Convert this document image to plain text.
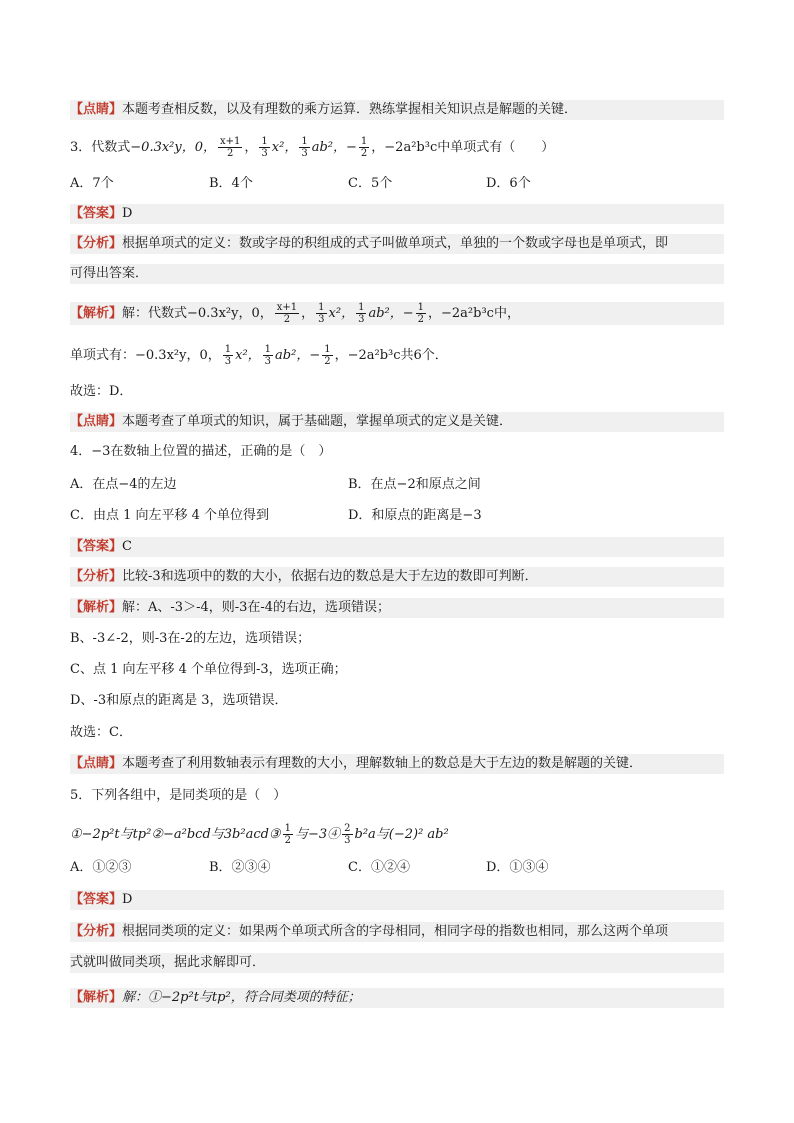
【点睛】本题考查相反数，以及有理数的乘方运算．熟练掌握相关知识点是解题的关键．
3．代数式−0.3x²y，0， $\frac{x+1}{2}$ ， $\frac{1}{3} x^2$， $\frac{1}{3} ab^2$，− $\frac{1}{2}$ ，−2a²b³c中单项式有（　　）
A．7个	B．4个	C．5个	D．6个
【答案】D
【分析】根据单项式的定义：数或字母的积组成的式子叫做单项式，单独的一个数或字母也是单项式，即
可得出答案．
【解析】解：代数式−0.3x²y，0， $\frac{x+1}{2}$ ， $\frac{1}{3} x^2$， $\frac{1}{3} ab^2$，− $\frac{1}{2}$ ，−2a²b³c中，
单项式有：−0.3x²y，0， $\frac{1}{3} x^2$， $\frac{1}{3} ab^2$，− $\frac{1}{2}$ ，−2a²b³c共6个．
故选：D．
【点睛】本题考查了单项式的知识，属于基础题，掌握单项式的定义是关键．
4．−3在数轴上位置的描述，正确的是（　）
A．在点−4的左边	B．在点−2和原点之间
C．由点 1 向左平移 4 个单位得到	D．和原点的距离是−3
【答案】C
【分析】比较-3和选项中的数的大小，依据右边的数总是大于左边的数即可判断．
【解析】解：A、-3＞-4，则-3在-4的右边，选项错误；
B、-3∠-2，则-3在-2的左边，选项错误；
C、点 1 向左平移 4 个单位得到-3，选项正确；
D、-3和原点的距离是 3，选项错误．
故选：C．
【点睛】本题考查了利用数轴表示有理数的大小，理解数轴上的数总是大于左边的数是解题的关键．
5．下列各组中，是同类项的是（　）
①−2p²t与tp²②−a²bcd与3b²acd③ $\frac{1}{2}$ 与−3④ $\frac{2}{3} b^2a$与(−2)² ab²
A．①②③	B．②③④	C．①②④	D．①③④
【答案】D
【分析】根据同类项的定义：如果两个单项式所含的字母相同，相同字母的指数也相同，那么这两个单项
式就叫做同类项，据此求解即可．
【解析】解：①−2p²t与tp²，符合同类项的特征；
